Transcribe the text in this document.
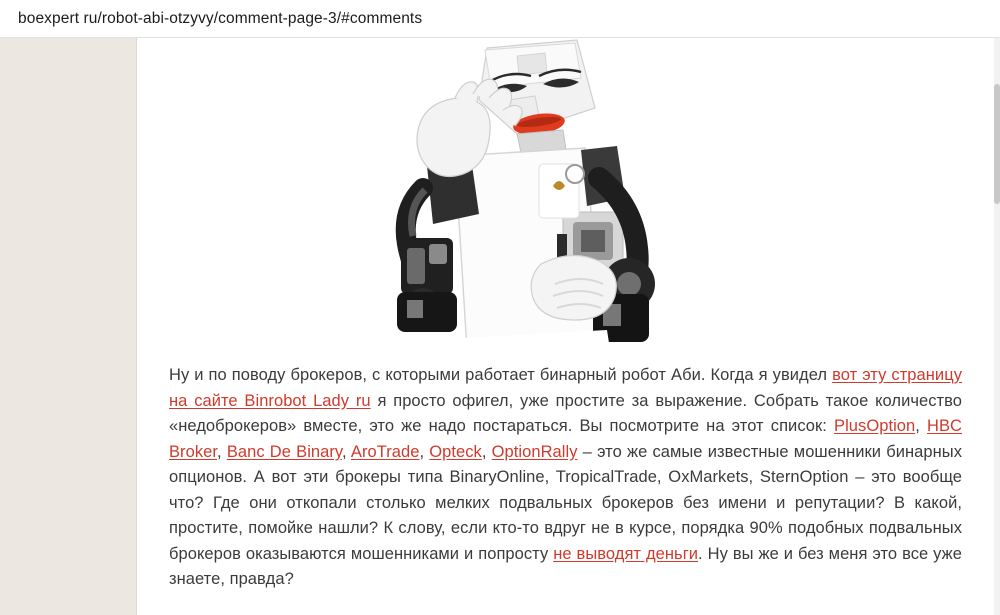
boexpert ru/robot-abi-otzyvy/comment-page-3/#comments

Ну и по поводу брокеров, с которыми работает бинарный робот Аби. Когда я увидел вот эту страницу на сайте Binrobot Lady ru я просто офигел, уже простите за выражение. Собрать такое количество «недоброкеров» вместе, это же надо постараться. Вы посмотрите на этот список: PlusOption, HBC Broker, Banc De Binary, AroTrade, Opteck, OptionRally – это же самые известные мошенники бинарных опционов. А вот эти брокеры типа BinaryOnline, TropicalTrade, OxMarkets, SternOption – это вообще что? Где они откопали столько мелких подвальных брокеров без имени и репутации? В какой, простите, помойке нашли? К слову, если кто-то вдруг не в курсе, порядка 90% подобных подвальных брокеров оказываются мошенниками и попросту не выводят деньги. Ну вы же и без меня это все уже знаете, правда?
